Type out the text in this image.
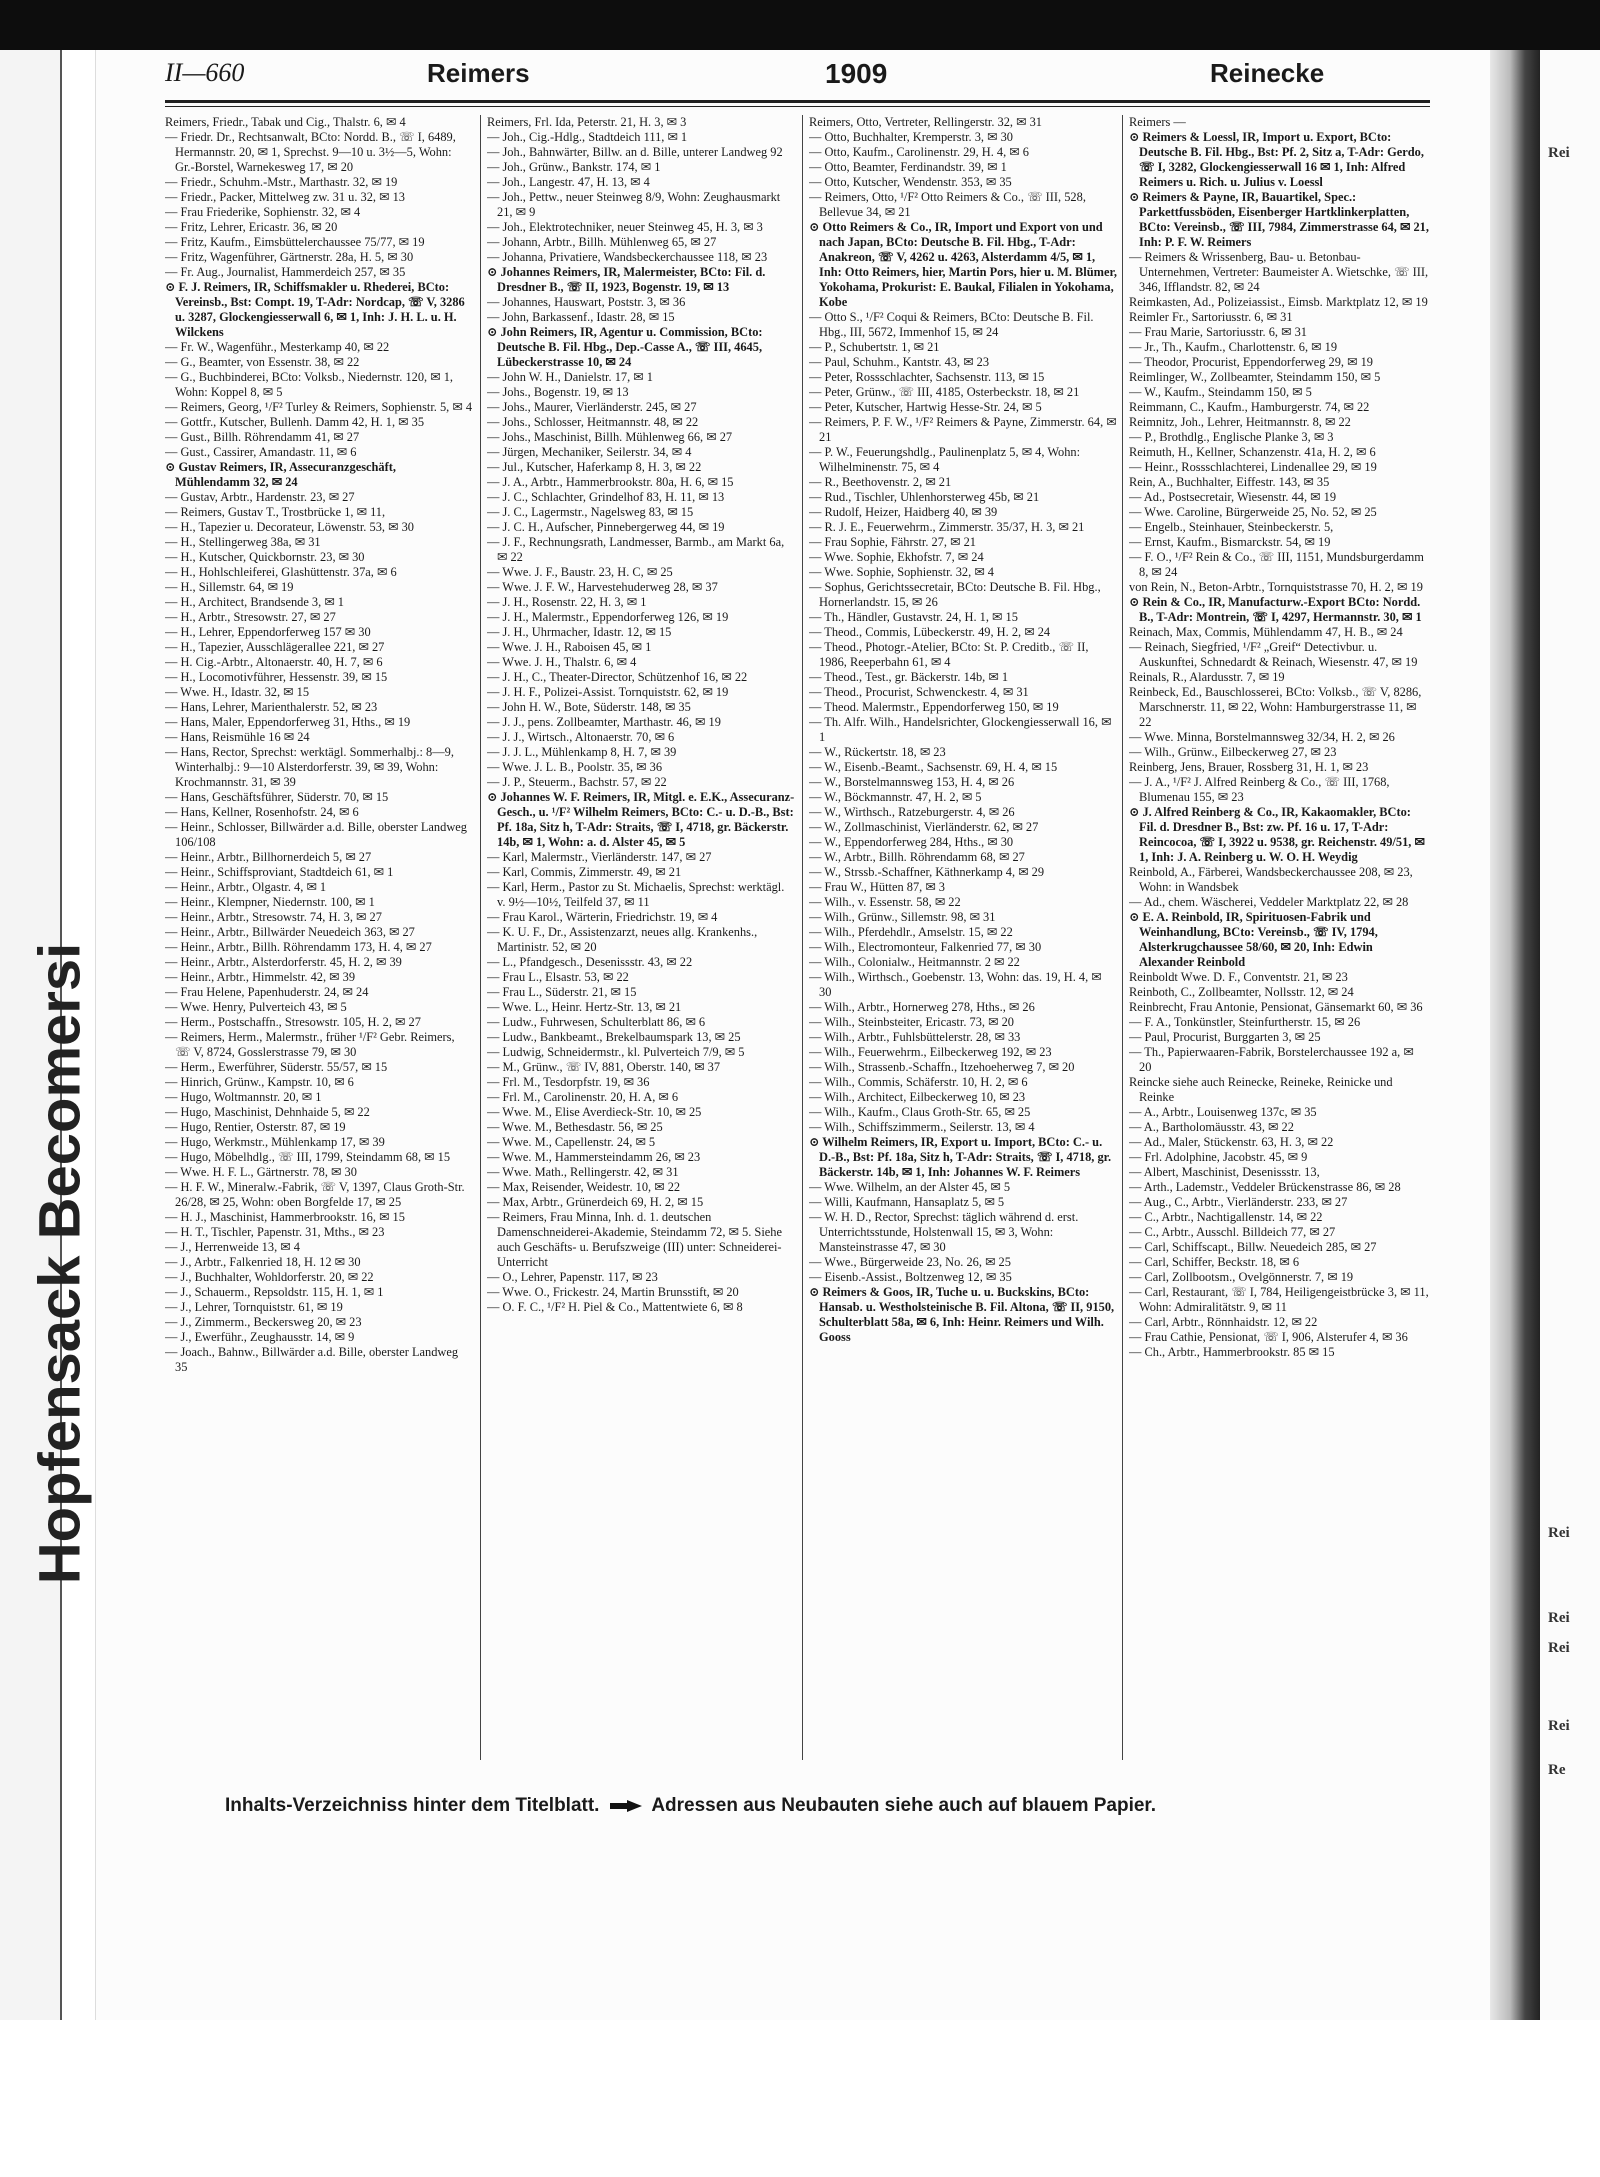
Hopfensack Becomersi
Rei
Rei
Rei
Rei
Rei
Re
II—660	Reimers	1909	Reinecke

Reimers, Friedr., Tabak und Cig., Thalstr. 6, ✉ 4

— Friedr. Dr., Rechtsanwalt, BCto: Nordd. B., ☏ I, 6489, Hermannstr. 20, ✉ 1, Sprechst. 9—10 u. 3½—5, Wohn: Gr.-Borstel, Warnekesweg 17, ✉ 20

— Friedr., Schuhm.-Mstr., Marthastr. 32, ✉ 19

— Friedr., Packer, Mittelweg zw. 31 u. 32, ✉ 13

— Frau Friederike, Sophienstr. 32, ✉ 4

— Fritz, Lehrer, Ericastr. 36, ✉ 20

— Fritz, Kaufm., Eimsbüttelerchaussee 75/77, ✉ 19

— Fritz, Wagenführer, Gärtnerstr. 28a, H. 5, ✉ 30

— Fr. Aug., Journalist, Hammerdeich 257, ✉ 35

⊙ F. J. Reimers, IR, Schiffsmakler u. Rhederei, BCto: Vereinsb., Bst: Compt. 19, T-Adr: Nordcap, ☏ V, 3286 u. 3287, Glockengiesserwall 6, ✉ 1, Inh: J. H. L. u. H. Wilckens

— Fr. W., Wagenführ., Mesterkamp 40, ✉ 22

— G., Beamter, von Essenstr. 38, ✉ 22

— G., Buchbinderei, BCto: Volksb., Niedernstr. 120, ✉ 1, Wohn: Koppel 8, ✉ 5

— Reimers, Georg, ¹/F² Turley & Reimers, Sophienstr. 5, ✉ 4

— Gottfr., Kutscher, Bullenh. Damm 42, H. 1, ✉ 35

— Gust., Billh. Röhrendamm 41, ✉ 27

— Gust., Cassirer, Amandastr. 11, ✉ 6

⊙ Gustav Reimers, IR, Assecuranzgeschäft, Mühlendamm 32, ✉ 24

— Gustav, Arbtr., Hardenstr. 23, ✉ 27

— Reimers, Gustav T., Trostbrücke 1, ✉ 11,

— H., Tapezier u. Decorateur, Löwenstr. 53, ✉ 30

— H., Stellingerweg 38a, ✉ 31

— H., Kutscher, Quickbornstr. 23, ✉ 30

— H., Hohlschleiferei, Glashüttenstr. 37a, ✉ 6

— H., Sillemstr. 64, ✉ 19

— H., Architect, Brandsende 3, ✉ 1

— H., Arbtr., Stresowstr. 27, ✉ 27

— H., Lehrer, Eppendorferweg 157 ✉ 30

— H., Tapezier, Ausschlägerallee 221, ✉ 27

— H. Cig.-Arbtr., Altonaerstr. 40, H. 7, ✉ 6

— H., Locomotivführer, Hessenstr. 39, ✉ 15

— Wwe. H., Idastr. 32, ✉ 15

— Hans, Lehrer, Marienthalerstr. 52, ✉ 23

— Hans, Maler, Eppendorferweg 31, Hths., ✉ 19

— Hans, Reismühle 16 ✉ 24

— Hans, Rector, Sprechst: werktägl. Sommerhalbj.: 8—9, Winterhalbj.: 9—10 Alsterdorferstr. 39, ✉ 39, Wohn: Krochmannstr. 31, ✉ 39

— Hans, Geschäftsführer, Süderstr. 70, ✉ 15

— Hans, Kellner, Rosenhofstr. 24, ✉ 6

— Heinr., Schlosser, Billwärder a.d. Bille, oberster Landweg 106/108

— Heinr., Arbtr., Billhornerdeich 5, ✉ 27

— Heinr., Schiffsproviant, Stadtdeich 61, ✉ 1

— Heinr., Arbtr., Olgastr. 4, ✉ 1

— Heinr., Klempner, Niedernstr. 100, ✉ 1

— Heinr., Arbtr., Stresowstr. 74, H. 3, ✉ 27

— Heinr., Arbtr., Billwärder Neuedeich 363, ✉ 27

— Heinr., Arbtr., Billh. Röhrendamm 173, H. 4, ✉ 27

— Heinr., Arbtr., Alsterdorferstr. 45, H. 2, ✉ 39

— Heinr., Arbtr., Himmelstr. 42, ✉ 39

— Frau Helene, Papenhuderstr. 24, ✉ 24

— Wwe. Henry, Pulverteich 43, ✉ 5

— Herm., Postschaffn., Stresowstr. 105, H. 2, ✉ 27

— Reimers, Herm., Malermstr., früher ¹/F² Gebr. Reimers, ☏ V, 8724, Gosslerstrasse 79, ✉ 30

— Herm., Ewerführer, Süderstr. 55/57, ✉ 15

— Hinrich, Grünw., Kampstr. 10, ✉ 6

— Hugo, Woltmannstr. 20, ✉ 1

— Hugo, Maschinist, Dehnhaide 5, ✉ 22

— Hugo, Rentier, Osterstr. 87, ✉ 19

— Hugo, Werkmstr., Mühlenkamp 17, ✉ 39

— Hugo, Möbelhdlg., ☏ III, 1799, Steindamm 68, ✉ 15

— Wwe. H. F. L., Gärtnerstr. 78, ✉ 30

— H. F. W., Mineralw.-Fabrik, ☏ V, 1397, Claus Groth-Str. 26/28, ✉ 25, Wohn: oben Borgfelde 17, ✉ 25

— H. J., Maschinist, Hammerbrookstr. 16, ✉ 15

— H. T., Tischler, Papenstr. 31, Mths., ✉ 23

— J., Herrenweide 13, ✉ 4

— J., Arbtr., Falkenried 18, H. 12 ✉ 30

— J., Buchhalter, Wohldorferstr. 20, ✉ 22

— J., Schauerm., Repsoldstr. 115, H. 1, ✉ 1

— J., Lehrer, Tornquiststr. 61, ✉ 19

— J., Zimmerm., Beckersweg 20, ✉ 23

— J., Ewerführ., Zeughausstr. 14, ✉ 9

— Joach., Bahnw., Billwärder a.d. Bille, oberster Landweg 35

Reimers, Frl. Ida, Peterstr. 21, H. 3, ✉ 3

— Joh., Cig.-Hdlg., Stadtdeich 111, ✉ 1

— Joh., Bahnwärter, Billw. an d. Bille, unterer Landweg 92

— Joh., Grünw., Bankstr. 174, ✉ 1

— Joh., Langestr. 47, H. 13, ✉ 4

— Joh., Pettw., neuer Steinweg 8/9, Wohn: Zeughausmarkt 21, ✉ 9

— Joh., Elektrotechniker, neuer Steinweg 45, H. 3, ✉ 3

— Johann, Arbtr., Billh. Mühlenweg 65, ✉ 27

— Johanna, Privatiere, Wandsbeckerchaussee 118, ✉ 23

⊙ Johannes Reimers, IR, Malermeister, BCto: Fil. d. Dresdner B., ☏ II, 1923, Bogenstr. 19, ✉ 13

— Johannes, Hauswart, Poststr. 3, ✉ 36

— John, Barkassenf., Idastr. 28, ✉ 15

⊙ John Reimers, IR, Agentur u. Commission, BCto: Deutsche B. Fil. Hbg., Dep.-Casse A., ☏ III, 4645, Lübeckerstrasse 10, ✉ 24

— John W. H., Danielstr. 17, ✉ 1

— Johs., Bogenstr. 19, ✉ 13

— Johs., Maurer, Vierländerstr. 245, ✉ 27

— Johs., Schlosser, Heitmannstr. 48, ✉ 22

— Johs., Maschinist, Billh. Mühlenweg 66, ✉ 27

— Jürgen, Mechaniker, Seilerstr. 34, ✉ 4

— Jul., Kutscher, Haferkamp 8, H. 3, ✉ 22

— J. A., Arbtr., Hammerbrookstr. 80a, H. 6, ✉ 15

— J. C., Schlachter, Grindelhof 83, H. 11, ✉ 13

— J. C., Lagermstr., Nagelsweg 83, ✉ 15

— J. C. H., Aufscher, Pinnebergerweg 44, ✉ 19

— J. F., Rechnungsrath, Landmesser, Barmb., am Markt 6a, ✉ 22

— Wwe. J. F., Baustr. 23, H. C, ✉ 25

— Wwe. J. F. W., Harvestehuderweg 28, ✉ 37

— J. H., Rosenstr. 22, H. 3, ✉ 1

— J. H., Malermstr., Eppendorferweg 126, ✉ 19

— J. H., Uhrmacher, Idastr. 12, ✉ 15

— Wwe. J. H., Raboisen 45, ✉ 1

— Wwe. J. H., Thalstr. 6, ✉ 4

— J. H., C., Theater-Director, Schützenhof 16, ✉ 22

— J. H. F., Polizei-Assist. Tornquiststr. 62, ✉ 19

— John H. W., Bote, Süderstr. 148, ✉ 35

— J. J., pens. Zollbeamter, Marthastr. 46, ✉ 19

— J. J., Wirtsch., Altonaerstr. 70, ✉ 6

— J. J. L., Mühlenkamp 8, H. 7, ✉ 39

— Wwe. J. L. B., Poolstr. 35, ✉ 36

— J. P., Steuerm., Bachstr. 57, ✉ 22

⊙ Johannes W. F. Reimers, IR, Mitgl. e. E.K., Assecuranz-Gesch., u. ¹/F² Wilhelm Reimers, BCto: C.- u. D.-B., Bst: Pf. 18a, Sitz h, T-Adr: Straits, ☏ I, 4718, gr. Bäckerstr. 14b, ✉ 1, Wohn: a. d. Alster 45, ✉ 5

— Karl, Malermstr., Vierländerstr. 147, ✉ 27

— Karl, Commis, Zimmerstr. 49, ✉ 21

— Karl, Herm., Pastor zu St. Michaelis, Sprechst: werktägl. v. 9½—10½, Teilfeld 37, ✉ 11

— Frau Karol., Wärterin, Friedrichstr. 19, ✉ 4

— K. U. F., Dr., Assistenzarzt, neues allg. Krankenhs., Martinistr. 52, ✉ 20

— L., Pfandgesch., Desenissstr. 43, ✉ 22

— Frau L., Elsastr. 53, ✉ 22

— Frau L., Süderstr. 21, ✉ 15

— Wwe. L., Heinr. Hertz-Str. 13, ✉ 21

— Ludw., Fuhrwesen, Schulterblatt 86, ✉ 6

— Ludw., Bankbeamt., Brekelbaumspark 13, ✉ 25

— Ludwig, Schneidermstr., kl. Pulverteich 7/9, ✉ 5

— M., Grünw., ☏ IV, 881, Oberstr. 140, ✉ 37

— Frl. M., Tesdorpfstr. 19, ✉ 36

— Frl. M., Carolinenstr. 20, H. A, ✉ 6

— Wwe. M., Elise Averdieck-Str. 10, ✉ 25

— Wwe. M., Bethesdastr. 56, ✉ 25

— Wwe. M., Capellenstr. 24, ✉ 5

— Wwe. M., Hammersteindamm 26, ✉ 23

— Wwe. Math., Rellingerstr. 42, ✉ 31

— Max, Reisender, Weidestr. 10, ✉ 22

— Max, Arbtr., Grünerdeich 69, H. 2, ✉ 15

— Reimers, Frau Minna, Inh. d. 1. deutschen Damenschneiderei-Akademie, Steindamm 72, ✉ 5. Siehe auch Geschäfts- u. Berufszweige (III) unter: Schneiderei-Unterricht

— O., Lehrer, Papenstr. 117, ✉ 23

— Wwe. O., Frickestr. 24, Martin Brunsstift, ✉ 20

— O. F. C., ¹/F² H. Piel & Co., Mattentwiete 6, ✉ 8

Reimers, Otto, Vertreter, Rellingerstr. 32, ✉ 31

— Otto, Buchhalter, Kremperstr. 3, ✉ 30

— Otto, Kaufm., Carolinenstr. 29, H. 4, ✉ 6

— Otto, Beamter, Ferdinandstr. 39, ✉ 1

— Otto, Kutscher, Wendenstr. 353, ✉ 35

— Reimers, Otto, ¹/F² Otto Reimers & Co., ☏ III, 528, Bellevue 34, ✉ 21

⊙ Otto Reimers & Co., IR, Import und Export von und nach Japan, BCto: Deutsche B. Fil. Hbg., T-Adr: Anakreon, ☏ V, 4262 u. 4263, Alsterdamm 4/5, ✉ 1, Inh: Otto Reimers, hier, Martin Pors, hier u. M. Blümer, Yokohama, Prokurist: E. Baukal, Filialen in Yokohama, Kobe

— Otto S., ¹/F² Coqui & Reimers, BCto: Deutsche B. Fil. Hbg., III, 5672, Immenhof 15, ✉ 24

— P., Schubertstr. 1, ✉ 21

— Paul, Schuhm., Kantstr. 43, ✉ 23

— Peter, Rossschlachter, Sachsenstr. 113, ✉ 15

— Peter, Grünw., ☏ III, 4185, Osterbeckstr. 18, ✉ 21

— Peter, Kutscher, Hartwig Hesse-Str. 24, ✉ 5

— Reimers, P. F. W., ¹/F² Reimers & Payne, Zimmerstr. 64, ✉ 21

— P. W., Feuerungshdlg., Paulinenplatz 5, ✉ 4, Wohn: Wilhelminenstr. 75, ✉ 4

— R., Beethovenstr. 2, ✉ 21

— Rud., Tischler, Uhlenhorsterweg 45b, ✉ 21

— Rudolf, Heizer, Haidberg 40, ✉ 39

— R. J. E., Feuerwehrm., Zimmerstr. 35/37, H. 3, ✉ 21

— Frau Sophie, Fährstr. 27, ✉ 21

— Wwe. Sophie, Ekhofstr. 7, ✉ 24

— Wwe. Sophie, Sophienstr. 32, ✉ 4

— Sophus, Gerichtssecretair, BCto: Deutsche B. Fil. Hbg., Hornerlandstr. 15, ✉ 26

— Th., Händler, Gustavstr. 24, H. 1, ✉ 15

— Theod., Commis, Lübeckerstr. 49, H. 2, ✉ 24

— Theod., Photogr.-Atelier, BCto: St. P. Creditb., ☏ II, 1986, Reeperbahn 61, ✉ 4

— Theod., Test., gr. Bäckerstr. 14b, ✉ 1

— Theod., Procurist, Schwenckestr. 4, ✉ 31

— Theod. Malermstr., Eppendorferweg 150, ✉ 19

— Th. Alfr. Wilh., Handelsrichter, Glockengiesserwall 16, ✉ 1

— W., Rückertstr. 18, ✉ 23

— W., Eisenb.-Beamt., Sachsenstr. 69, H. 4, ✉ 15

— W., Borstelmannsweg 153, H. 4, ✉ 26

— W., Böckmannstr. 47, H. 2, ✉ 5

— W., Wirthsch., Ratzeburgerstr. 4, ✉ 26

— W., Zollmaschinist, Vierländerstr. 62, ✉ 27

— W., Eppendorferweg 284, Hths., ✉ 30

— W., Arbtr., Billh. Röhrendamm 68, ✉ 27

— W., Strssb.-Schaffner, Käthnerkamp 4, ✉ 29

— Frau W., Hütten 87, ✉ 3

— Wilh., v. Essenstr. 58, ✉ 22

— Wilh., Grünw., Sillemstr. 98, ✉ 31

— Wilh., Pferdehdlr., Amselstr. 15, ✉ 22

— Wilh., Electromonteur, Falkenried 77, ✉ 30

— Wilh., Colonialw., Heitmannstr. 2 ✉ 22

— Wilh., Wirthsch., Goebenstr. 13, Wohn: das. 19, H. 4, ✉ 30

— Wilh., Arbtr., Hornerweg 278, Hths., ✉ 26

— Wilh., Steinbsteiter, Ericastr. 73, ✉ 20

— Wilh., Arbtr., Fuhlsbüttelerstr. 28, ✉ 33

— Wilh., Feuerwehrm., Eilbeckerweg 192, ✉ 23

— Wilh., Strassenb.-Schaffn., Itzehoeherweg 7, ✉ 20

— Wilh., Commis, Schäferstr. 10, H. 2, ✉ 6

— Wilh., Architect, Eilbeckerweg 10, ✉ 23

— Wilh., Kaufm., Claus Groth-Str. 65, ✉ 25

— Wilh., Schiffszimmerm., Seilerstr. 13, ✉ 4

⊙ Wilhelm Reimers, IR, Export u. Import, BCto: C.- u. D.-B., Bst: Pf. 18a, Sitz h, T-Adr: Straits, ☏ I, 4718, gr. Bäckerstr. 14b, ✉ 1, Inh: Johannes W. F. Reimers

— Wwe. Wilhelm, an der Alster 45, ✉ 5

— Willi, Kaufmann, Hansaplatz 5, ✉ 5

— W. H. D., Rector, Sprechst: täglich während d. erst. Unterrichtsstunde, Holstenwall 15, ✉ 3, Wohn: Mansteinstrasse 47, ✉ 30

— Wwe., Bürgerweide 23, No. 26, ✉ 25

— Eisenb.-Assist., Boltzenweg 12, ✉ 35

⊙ Reimers & Goos, IR, Tuche u. u. Buckskins, BCto: Hansab. u. Westholsteinische B. Fil. Altona, ☏ II, 9150, Schulterblatt 58a, ✉ 6, Inh: Heinr. Reimers und Wilh. Gooss

Reimers —

⊙ Reimers & Loessl, IR, Import u. Export, BCto: Deutsche B. Fil. Hbg., Bst: Pf. 2, Sitz a, T-Adr: Gerdo, ☏ I, 3282, Glockengiesserwall 16 ✉ 1, Inh: Alfred Reimers u. Rich. u. Julius v. Loessl

⊙ Reimers & Payne, IR, Bauartikel, Spec.: Parkettfussböden, Eisenberger Hartklinkerplatten, BCto: Vereinsb., ☏ III, 7984, Zimmerstrasse 64, ✉ 21, Inh: P. F. W. Reimers

— Reimers & Wrissenberg, Bau- u. Betonbau-Unternehmen, Vertreter: Baumeister A. Wietschke, ☏ III, 346, Ifflandstr. 82, ✉ 24

Reimkasten, Ad., Polizeiassist., Eimsb. Marktplatz 12, ✉ 19

Reimler Fr., Sartoriusstr. 6, ✉ 31

— Frau Marie, Sartoriusstr. 6, ✉ 31

— Jr., Th., Kaufm., Charlottenstr. 6, ✉ 19

— Theodor, Procurist, Eppendorferweg 29, ✉ 19

Reimlinger, W., Zollbeamter, Steindamm 150, ✉ 5

— W., Kaufm., Steindamm 150, ✉ 5

Reimmann, C., Kaufm., Hamburgerstr. 74, ✉ 22

Reimnitz, Joh., Lehrer, Heitmannstr. 8, ✉ 22

— P., Brothdlg., Englische Planke 3, ✉ 3

Reimuth, H., Kellner, Schanzenstr. 41a, H. 2, ✉ 6

— Heinr., Rossschlachterei, Lindenallee 29, ✉ 19

Rein, A., Buchhalter, Eiffestr. 143, ✉ 35

— Ad., Postsecretair, Wiesenstr. 44, ✉ 19

— Wwe. Caroline, Bürgerweide 25, No. 52, ✉ 25

— Engelb., Steinhauer, Steinbeckerstr. 5,

— Ernst, Kaufm., Bismarckstr. 54, ✉ 19

— F. O., ¹/F² Rein & Co., ☏ III, 1151, Mundsburgerdamm 8, ✉ 24

von Rein, N., Beton-Arbtr., Tornquiststrasse 70, H. 2, ✉ 19

⊙ Rein & Co., IR, Manufacturw.-Export BCto: Nordd. B., T-Adr: Montrein, ☏ I, 4297, Hermannstr. 30, ✉ 1

Reinach, Max, Commis, Mühlendamm 47, H. B., ✉ 24

— Reinach, Siegfried, ¹/F² „Greif“ Detectivbur. u. Auskunftei, Schnedardt & Reinach, Wiesenstr. 47, ✉ 19

Reinals, R., Alardusstr. 7, ✉ 19

Reinbeck, Ed., Bauschlosserei, BCto: Volksb., ☏ V, 8286, Marschnerstr. 11, ✉ 22, Wohn: Hamburgerstrasse 11, ✉ 22

— Wwe. Minna, Borstelmannsweg 32/34, H. 2, ✉ 26

— Wilh., Grünw., Eilbeckerweg 27, ✉ 23

Reinberg, Jens, Brauer, Rossberg 31, H. 1, ✉ 23

— J. A., ¹/F² J. Alfred Reinberg & Co., ☏ III, 1768, Blumenau 155, ✉ 23

⊙ J. Alfred Reinberg & Co., IR, Kakaomakler, BCto: Fil. d. Dresdner B., Bst: zw. Pf. 16 u. 17, T-Adr: Reincocoa, ☏ I, 3922 u. 9538, gr. Reichenstr. 49/51, ✉ 1, Inh: J. A. Reinberg u. W. O. H. Weydig

Reinbold, A., Färberei, Wandsbeckerchaussee 208, ✉ 23, Wohn: in Wandsbek

— Ad., chem. Wäscherei, Veddeler Marktplatz 22, ✉ 28

⊙ E. A. Reinbold, IR, Spirituosen-Fabrik und Weinhandlung, BCto: Vereinsb., ☏ IV, 1794, Alsterkrugchaussee 58/60, ✉ 20, Inh: Edwin Alexander Reinbold

Reinboldt Wwe. D. F., Conventstr. 21, ✉ 23

Reinboth, C., Zollbeamter, Nollsstr. 12, ✉ 24

Reinbrecht, Frau Antonie, Pensionat, Gänsemarkt 60, ✉ 36

— F. A., Tonkünstler, Steinfurtherstr. 15, ✉ 26

— Paul, Procurist, Burggarten 3, ✉ 25

— Th., Papierwaaren-Fabrik, Borstelerchaussee 192 a, ✉ 20

Reincke siehe auch Reinecke, Reineke, Reinicke und Reinke

— A., Arbtr., Louisenweg 137c, ✉ 35

— A., Bartholomäusstr. 43, ✉ 22

— Ad., Maler, Stückenstr. 63, H. 3, ✉ 22

— Frl. Adolphine, Jacobstr. 45, ✉ 9

— Albert, Maschinist, Desenissstr. 13,

— Arth., Lademstr., Veddeler Brückenstrasse 86, ✉ 28

— Aug., C., Arbtr., Vierländerstr. 233, ✉ 27

— C., Arbtr., Nachtigallenstr. 14, ✉ 22

— C., Arbtr., Ausschl. Billdeich 77, ✉ 27

— Carl, Schiffscapt., Billw. Neuedeich 285, ✉ 27

— Carl, Schiffer, Beckstr. 18, ✉ 6

— Carl, Zollbootsm., Ovelgönnerstr. 7, ✉ 19

— Carl, Restaurant, ☏ I, 784, Heiligengeistbrücke 3, ✉ 11, Wohn: Admiralitätstr. 9, ✉ 11

— Carl, Arbtr., Rönnhaidstr. 12, ✉ 22

— Frau Cathie, Pensionat, ☏ I, 906, Alsterufer 4, ✉ 36

— Ch., Arbtr., Hammerbrookstr. 85 ✉ 15

Inhalts-Verzeichniss hinter dem Titelblatt.	Adressen aus Neubauten siehe auch auf blauem Papier.
